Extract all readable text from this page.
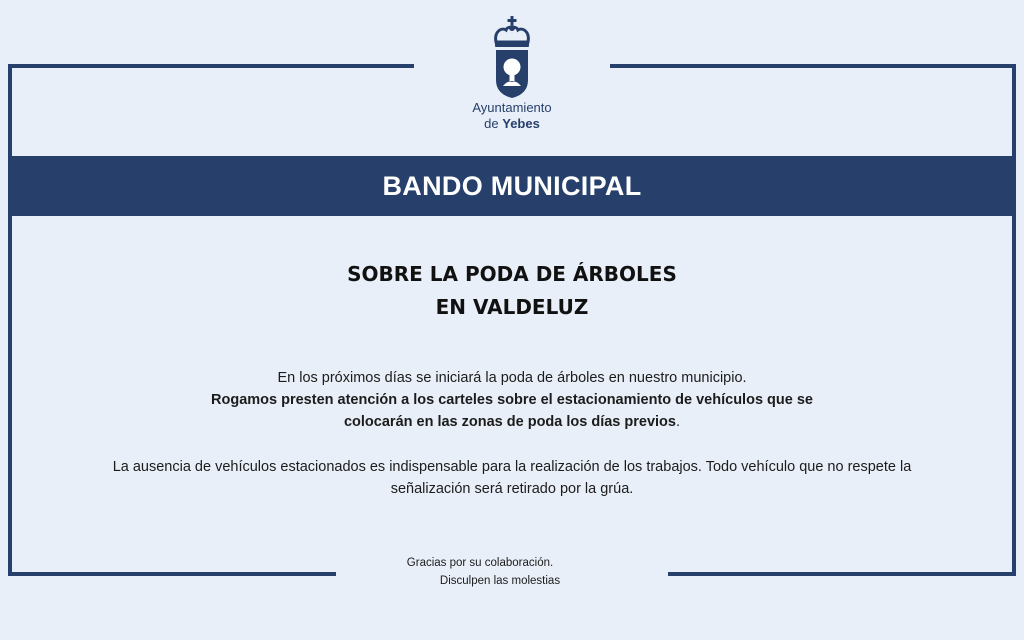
Ayuntamiento
de Yebes
BANDO MUNICIPAL
SOBRE LA PODA DE ÁRBOLES
EN VALDELUZ
En los próximos días se iniciará la poda de árboles en nuestro municipio.
Rogamos presten atención a los carteles sobre el estacionamiento de vehículos que se colocarán en las zonas de poda los días previos.
La ausencia de vehículos estacionados es indispensable para la realización de los trabajos. Todo vehículo que no respete la señalización será retirado por la grúa.
Gracias por su colaboración.
Disculpen las molestias
